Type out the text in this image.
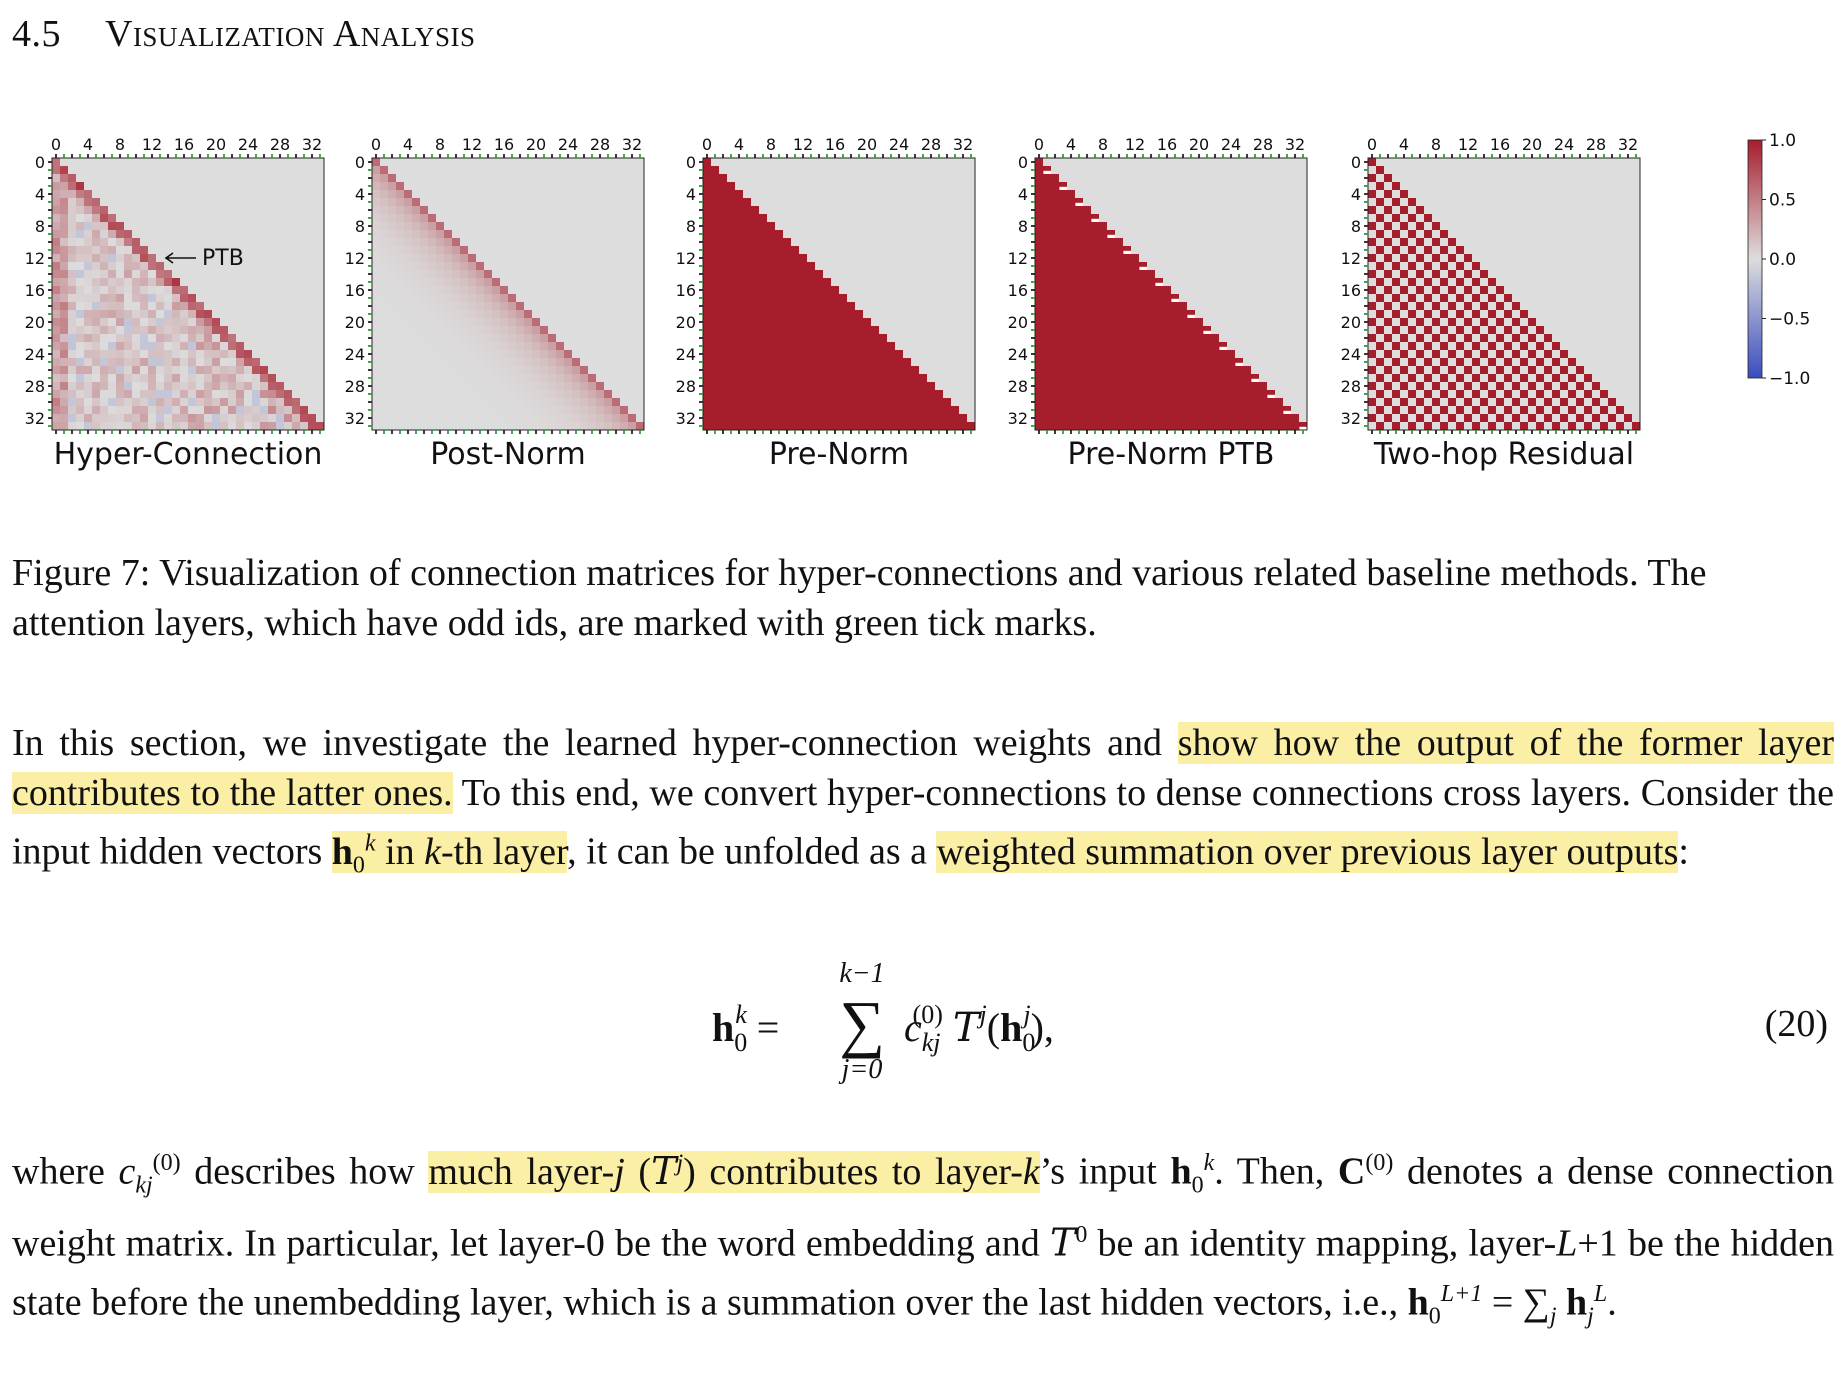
4.5 Visualization Analysis
0
0
4
4
8
8
12
12
16
16
20
20
24
24
28
28
32
32
Hyper-Connection
PTB
0
0
4
4
8
8
12
12
16
16
20
20
24
24
28
28
32
32
Post-Norm
0
0
4
4
8
8
12
12
16
16
20
20
24
24
28
28
32
32
Pre-Norm
0
0
4
4
8
8
12
12
16
16
20
20
24
24
28
28
32
32
Pre-Norm PTB
0
0
4
4
8
8
12
12
16
16
20
20
24
24
28
28
32
32
Two-hop Residual
1.0
0.5
0.0
−0.5
−1.0

Figure 7: Visualization of connection matrices for hyper-connections and various related baseline methods. The attention layers, which have odd ids, are marked with green tick marks.

In this section, we investigate the learned hyper-connection weights and show how the output of the former layer contributes to the latter ones. To this end, we convert hyper-connections to dense connections cross layers. Consider the input hidden vectors $h_0^k$ in k-th layer, it can be unfolded as a weighted summation over previous layer outputs:

$h_0^k$ =
k−1
∑
j=0
$c_{kj}^{(0)}$ $T^j(h_0^j)$,	(20)

where $c_{kj}^{(0)}$ describes how much layer-j $(T^j)$ contributes to layer-k’s input $h_0^k$. Then, $C^{(0)}$ denotes a dense connection weight matrix. In particular, let layer-0 be the word embedding and $T^0$ be an identity mapping, layer-L+1 be the hidden state before the unembedding layer, which is a summation over the last hidden vectors, i.e., $h_0^{L+1} = \sum_j$ $h_j^L$.
